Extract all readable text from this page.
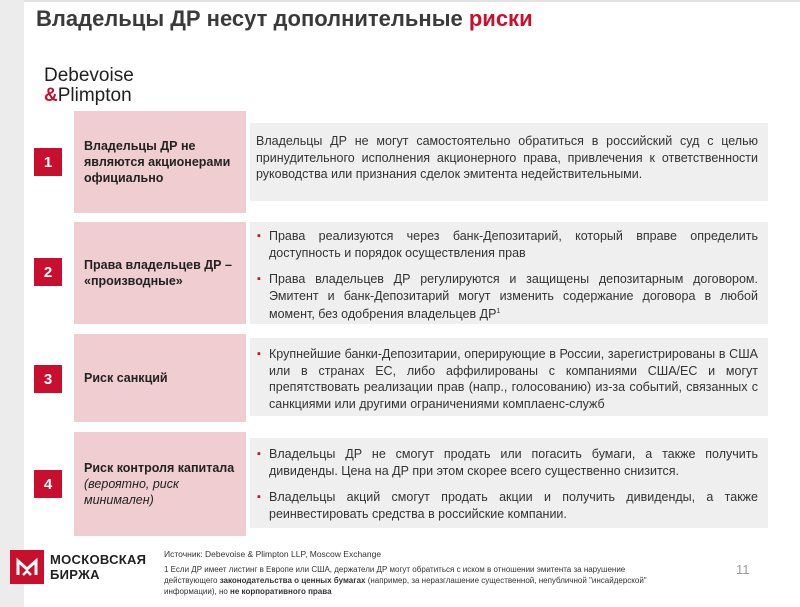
Владельцы ДР несут дополнительные риски
Debevoise
&Plimpton
1
Владельцы ДР не являются акционерами официально
Владельцы ДР не могут самостоятельно обратиться в российский суд с целью принудительного исполнения акционерного права, привлечения к ответственности руководства или признания сделок эмитента недействительными.
2	Права владельцев ДР – «производные»
▪ Права реализуются через банк-Депозитарий, который вправе определить доступность и порядок осуществления прав
▪ Права владельцев ДР регулируются и защищены депозитарным договором. Эмитент и банк-Депозитарий могут изменить содержание договора в любой момент, без одобрения владельцев $ДР^1$
3	Риск санкций
▪ Крупнейшие банки-Депозитарии, оперирующие в России, зарегистрированы в США или в странах ЕС, либо аффилированы с компаниями США/ЕС и могут препятствовать реализации прав (напр., голосованию) из-за событий, связанных с санкциями или другими ограничениями комплаенс-служб
4
Риск контроля капитала (вероятно, риск минимален)
▪ Владельцы ДР не смогут продать или погасить бумаги, а также получить дивиденды. Цена на ДР при этом скорее всего существенно снизится.
▪ Владельцы акций смогут продать акции и получить дивиденды, а также реинвестировать средства в российские компании.
МОСКОВСКАЯ
БИРЖА
Источник: Debevoise & Plimpton LLP, Moscow Exchange
1 Если ДР имеет листинг в Европе или США, держатели ДР могут обратиться с иском в отношении эмитента за нарушение действующего законодательства о ценных бумагах (например, за неразглашение существенной, непубличной "инсайдерской" информации), но не корпоративного права
11
